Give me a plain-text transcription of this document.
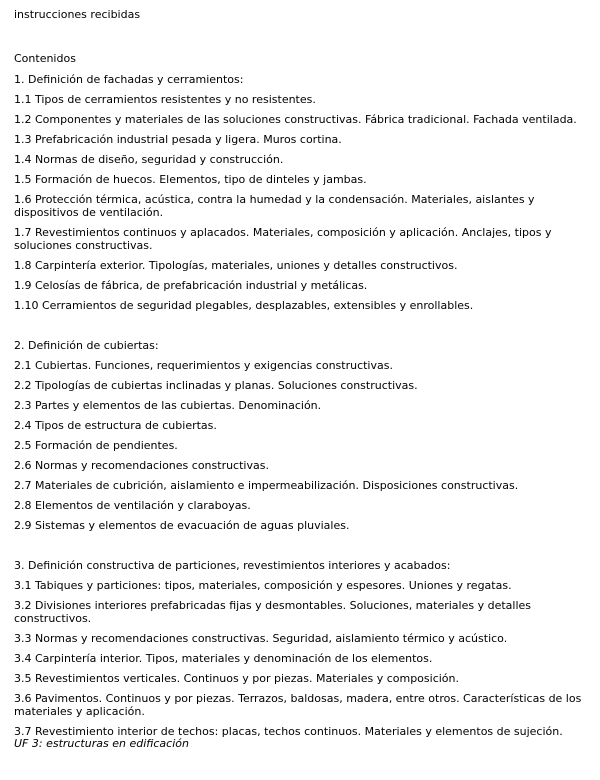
instrucciones recibidas

Contenidos

1. Definición de fachadas y cerramientos:

1.1 Tipos de cerramientos resistentes y no resistentes.

1.2 Componentes y materiales de las soluciones constructivas. Fábrica tradicional. Fachada ventilada.

1.3 Prefabricación industrial pesada y ligera. Muros cortina.

1.4 Normas de diseño, seguridad y construcción.

1.5 Formación de huecos. Elementos, tipo de dinteles y jambas.

1.6 Protección térmica, acústica, contra la humedad y la condensación. Materiales, aislantes y dispositivos de ventilación.

1.7 Revestimientos continuos y aplacados. Materiales, composición y aplicación. Anclajes, tipos y soluciones constructivas.

1.8 Carpintería exterior. Tipologías, materiales, uniones y detalles constructivos.

1.9 Celosías de fábrica, de prefabricación industrial y metálicas.

1.10 Cerramientos de seguridad plegables, desplazables, extensibles y enrollables.

2. Definición de cubiertas:

2.1 Cubiertas. Funciones, requerimientos y exigencias constructivas.

2.2 Tipologías de cubiertas inclinadas y planas. Soluciones constructivas.

2.3 Partes y elementos de las cubiertas. Denominación.

2.4 Tipos de estructura de cubiertas.

2.5 Formación de pendientes.

2.6 Normas y recomendaciones constructivas.

2.7 Materiales de cubrición, aislamiento e impermeabilización. Disposiciones constructivas.

2.8 Elementos de ventilación y claraboyas.

2.9 Sistemas y elementos de evacuación de aguas pluviales.

3. Definición constructiva de particiones, revestimientos interiores y acabados:

3.1 Tabiques y particiones: tipos, materiales, composición y espesores. Uniones y regatas.

3.2 Divisiones interiores prefabricadas fijas y desmontables. Soluciones, materiales y detalles constructivos.

3.3 Normas y recomendaciones constructivas. Seguridad, aislamiento térmico y acústico.

3.4 Carpintería interior. Tipos, materiales y denominación de los elementos.

3.5 Revestimientos verticales. Continuos y por piezas. Materiales y composición.

3.6 Pavimentos. Continuos y por piezas. Terrazos, baldosas, madera, entre otros. Características de los materiales y aplicación.

3.7 Revestimiento interior de techos: placas, techos continuos. Materiales y elementos de sujeción.

UF 3: estructuras en edificación
